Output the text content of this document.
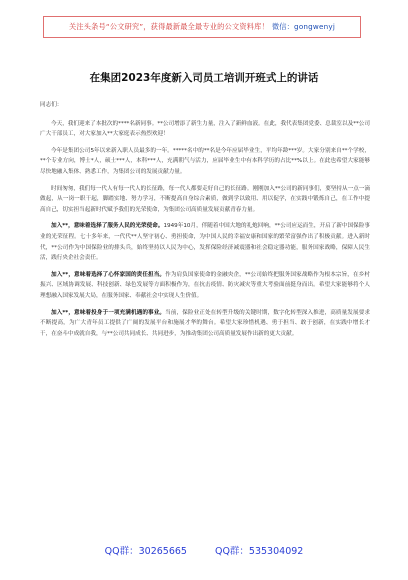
关注头条号“公文研究”，获得最新最全最专业的公文资料库！ 微信：gongwenyj
在集团2023年度新入司员工培训开班式上的讲话

同志们：

今天，我们迎来了本批次的****名新同事。**公司增添了新生力量，注入了新鲜血液。在此，我代表集团党委、总裁室以及**公司广大干部员工，对大家加入**大家庭表示热烈欢迎！

今年是集团公司5年以来新入职人员最多的一年。*****名中的**名是今年应届毕业生，平均年龄***岁。大家分别来自**个学校，**个专业方向，博士*人，硕士***人，本科***人，充满朝气与活力，应届毕业生中有本科学历的占比**%以上。在此也希望大家能够尽快地融入集体、熟悉工作，为集团公司的发展贡献力量。

时间匆匆，我们每一代人有每一代人的长征路，每一代人都要走好自己的长征路。刚刚加入**公司的新同事们，要坚持从一点一滴做起，从一岗一职干起，脚踏实地、努力学习，不断提高自身综合素质，做到学以致用、用以促学，在实践中锻炼自己，在工作中提高自己，切实担当起新时代赋予我们的光荣使命，为集团公司高质量发展贡献青春力量。

加入**，意味着选择了服务人民的光荣使命。1949年10月，伴随着中国大地的礼炮回响，**公司应运而生，开启了新中国保险事业的光荣征程。七十多年来，一代代**人坚守初心、勇担使命，为中国人民的幸福安康和国家的繁荣富强作出了积极贡献。进入新时代，**公司作为中国保险业的排头兵，始终坚持以人民为中心，发挥保险经济减震器和社会稳定器功能，服务国家战略，保障人民生活，践行央企社会责任。

加入**，意味着选择了心怀家国的责任担当。作为肩负国家使命的金融央企，**公司始终把服务国家战略作为根本宗旨，在乡村振兴、区域协调发展、科技创新、绿色发展等方面积极作为，在抗击疫情、防灾减灾等重大考验面前挺身而出。希望大家能够将个人理想融入国家发展大局，在服务国家、奉献社会中实现人生价值。

加入**，意味着投身于一项充满机遇的事业。当前，保险业正处在转型升级的关键时期，数字化转型深入推进，高质量发展要求不断提高，为广大青年员工提供了广阔的发展平台和施展才华的舞台。希望大家珍惜机遇、勇于担当、敢于创新，在实践中增长才干，在奋斗中成就自我，与**公司共同成长、共同进步，为推动集团公司高质量发展作出新的更大贡献。

QQ群：30265665	QQ群：535304092
